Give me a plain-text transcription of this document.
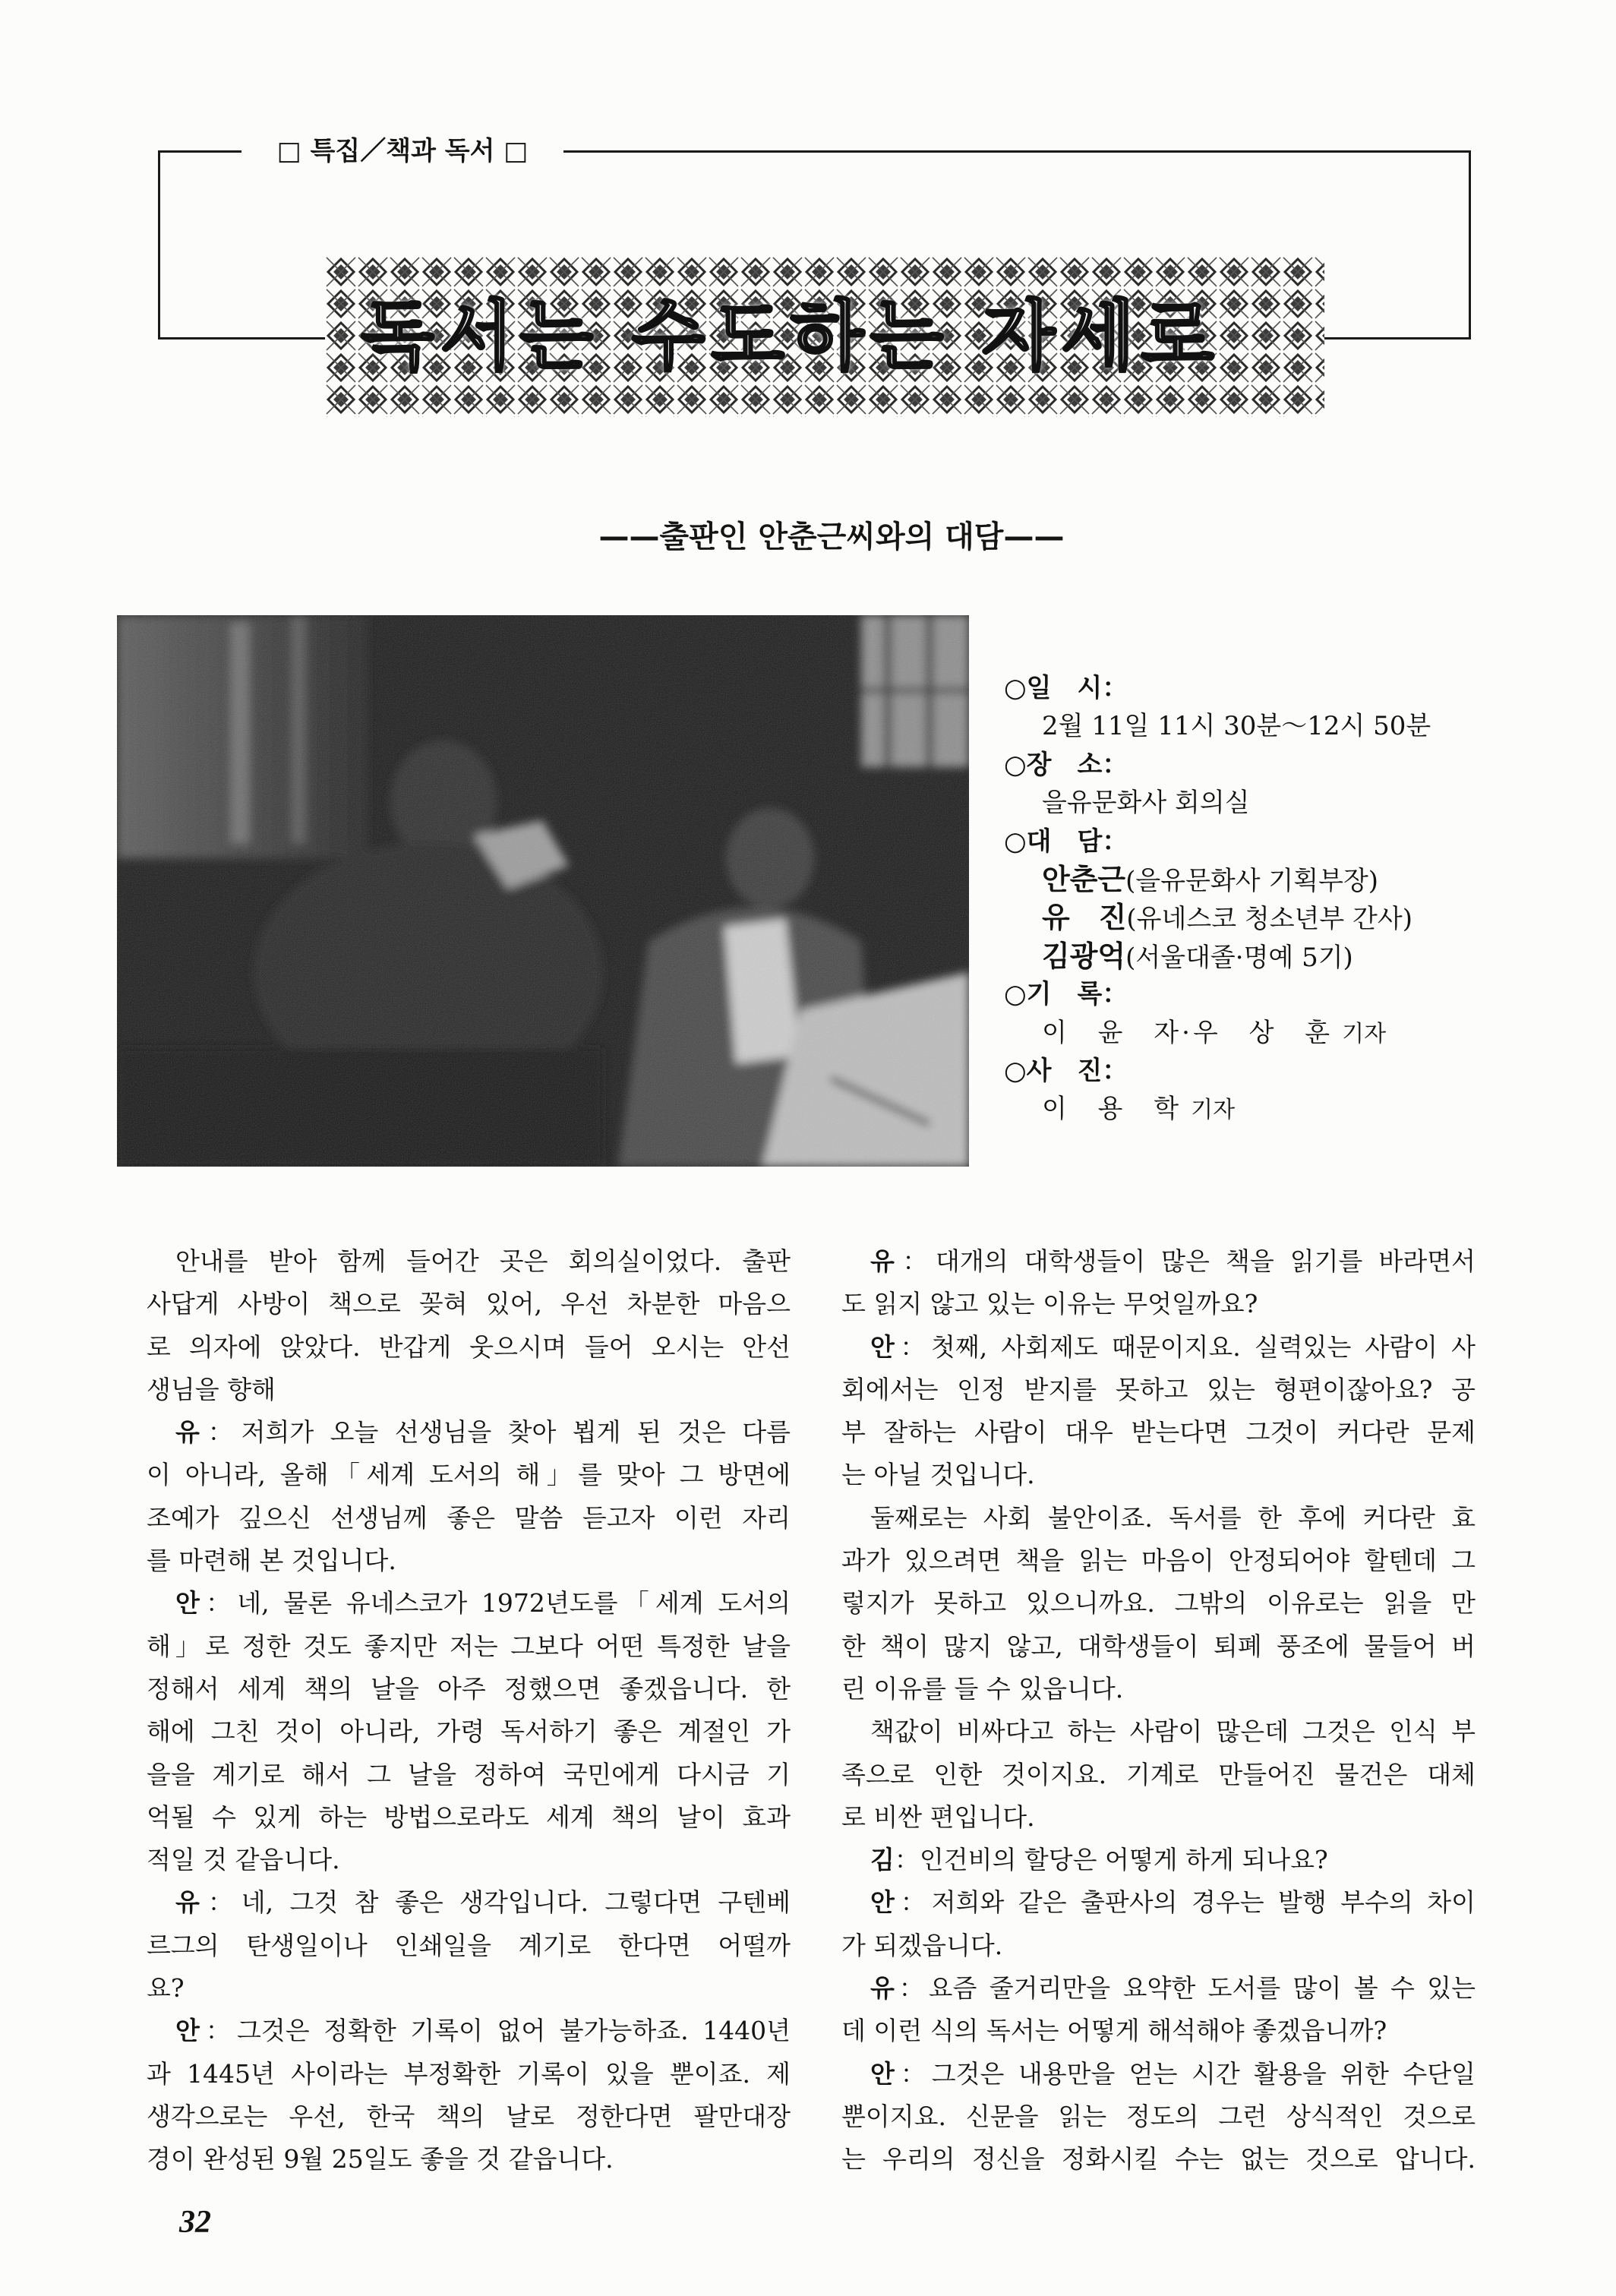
□ 특집／책과 독서 □
독서는 수도하는 자세로
——출판인 안춘근씨와의 대담——
○일　시：
2월 11일 11시 30분～12시 50분
○장　소：
을유문화사 회의실
○대　담：
안춘근(을유문화사 기획부장)
유　진(유네스코 청소년부 간사)
김광억(서울대졸·명예 5기)
○기　록：
이 윤 자·우 상 훈 기자
○사　진：
이 용 학 기자
안내를 받아 함께 들어간 곳은 회의실이었다. 출판
사답게 사방이 책으로 꽂혀 있어, 우선 차분한 마음으
로 의자에 앉았다. 반갑게 웃으시며 들어 오시는 안선
생님을 향해
유：저희가 오늘 선생님을 찾아 뵙게 된 것은 다름
이 아니라, 올해「세계 도서의 해」를 맞아 그 방면에
조예가 깊으신 선생님께 좋은 말씀 듣고자 이런 자리
를 마련해 본 것입니다.
안：네, 물론 유네스코가 1972년도를「세계 도서의
해」로 정한 것도 좋지만 저는 그보다 어떤 특정한 날을
정해서 세계 책의 날을 아주 정했으면 좋겠읍니다. 한
해에 그친 것이 아니라, 가령 독서하기 좋은 계절인 가
을을 계기로 해서 그 날을 정하여 국민에게 다시금 기
억될 수 있게 하는 방법으로라도 세계 책의 날이 효과
적일 것 같읍니다.
유：네, 그것 참 좋은 생각입니다. 그렇다면 구텐베
르그의 탄생일이나 인쇄일을 계기로 한다면 어떨까
요?
안：그것은 정확한 기록이 없어 불가능하죠. 1440년
과 1445년 사이라는 부정확한 기록이 있을 뿐이죠. 제
생각으로는 우선, 한국 책의 날로 정한다면 팔만대장
경이 완성된 9월 25일도 좋을 것 같읍니다.
유：대개의 대학생들이 많은 책을 읽기를 바라면서
도 읽지 않고 있는 이유는 무엇일까요?
안：첫째, 사회제도 때문이지요. 실력있는 사람이 사
회에서는 인정 받지를 못하고 있는 형편이잖아요? 공
부 잘하는 사람이 대우 받는다면 그것이 커다란 문제
는 아닐 것입니다.
둘째로는 사회 불안이죠. 독서를 한 후에 커다란 효
과가 있으려면 책을 읽는 마음이 안정되어야 할텐데 그
렇지가 못하고 있으니까요. 그밖의 이유로는 읽을 만
한 책이 많지 않고, 대학생들이 퇴폐 풍조에 물들어 버
린 이유를 들 수 있읍니다.
책값이 비싸다고 하는 사람이 많은데 그것은 인식 부
족으로 인한 것이지요. 기계로 만들어진 물건은 대체
로 비싼 편입니다.
김：인건비의 할당은 어떻게 하게 되나요?
안：저희와 같은 출판사의 경우는 발행 부수의 차이
가 되겠읍니다.
유：요즘 줄거리만을 요약한 도서를 많이 볼 수 있는
데 이런 식의 독서는 어떻게 해석해야 좋겠읍니까?
안：그것은 내용만을 얻는 시간 활용을 위한 수단일
뿐이지요. 신문을 읽는 정도의 그런 상식적인 것으로
는 우리의 정신을 정화시킬 수는 없는 것으로 압니다.
32
